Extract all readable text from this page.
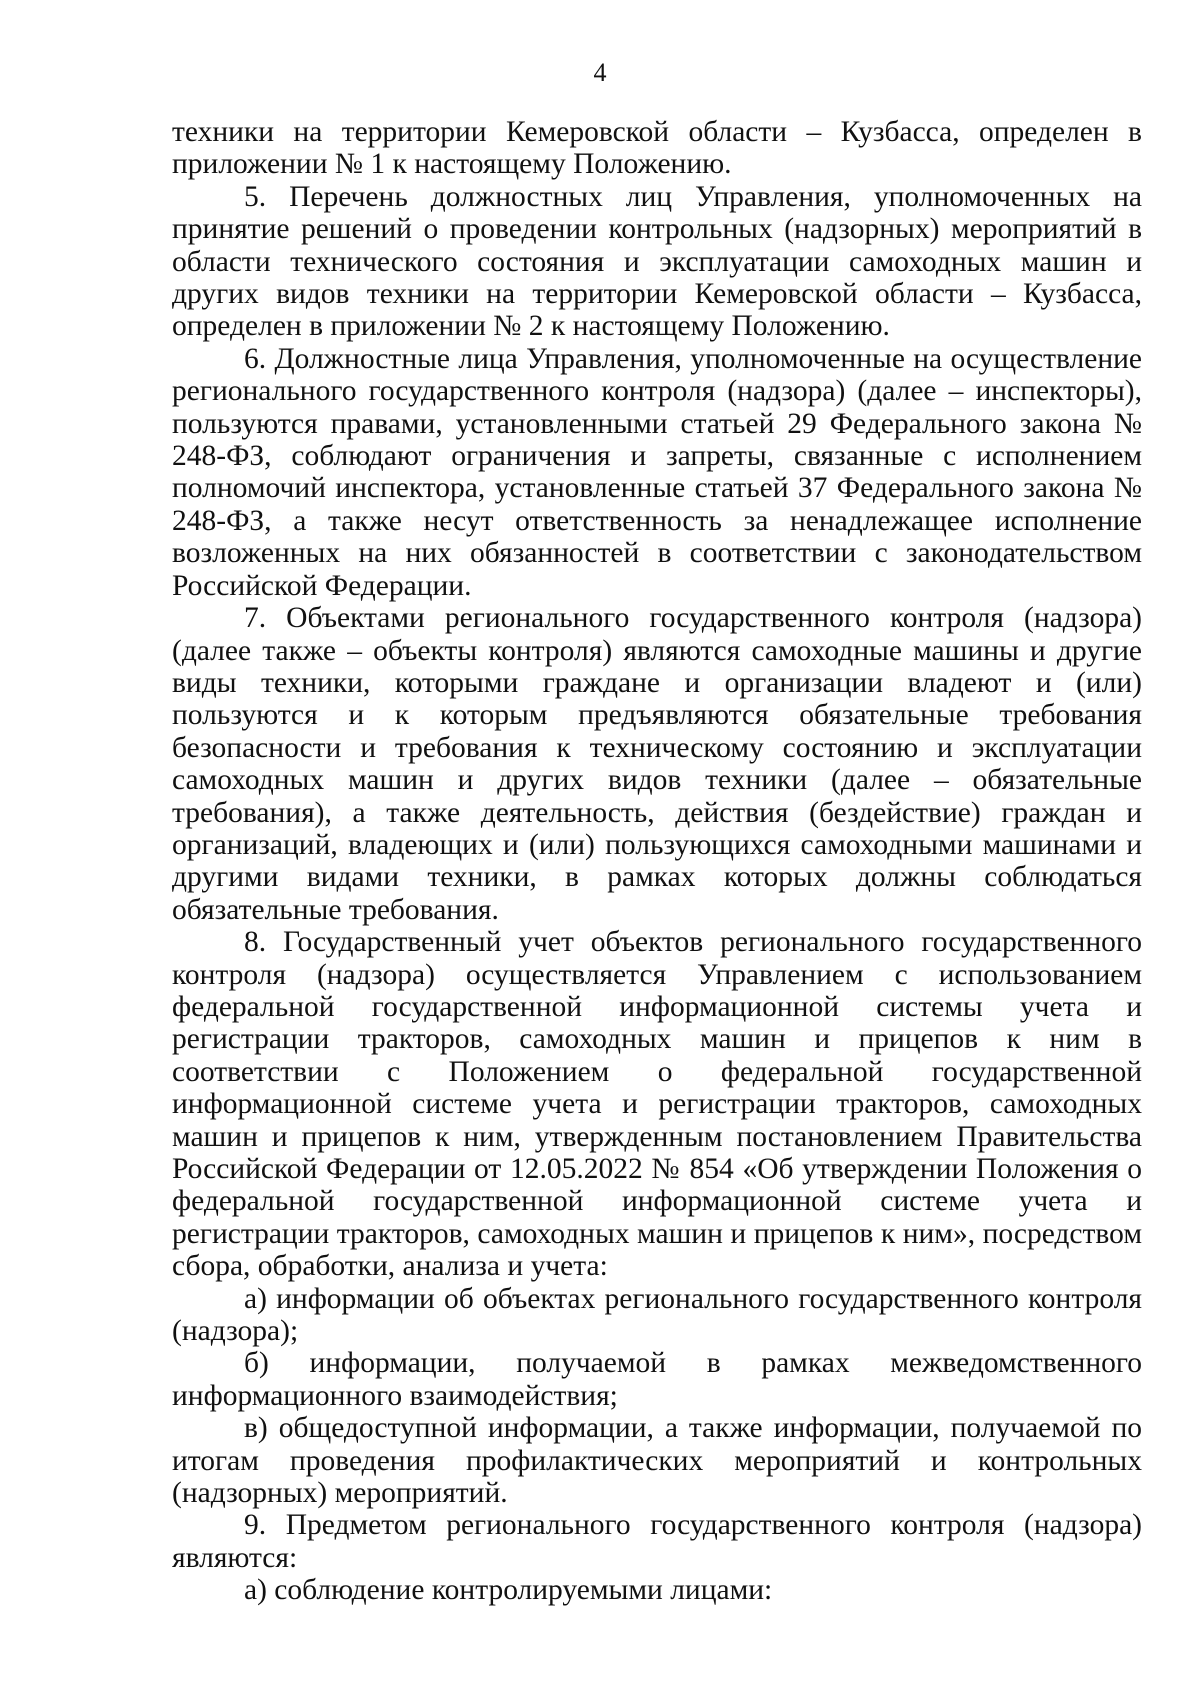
4

техники на территории Кемеровской области – Кузбасса, определен в приложении № 1 к настоящему Положению.

5. Перечень должностных лиц Управления, уполномоченных на принятие решений о проведении контрольных (надзорных) мероприятий в области технического состояния и эксплуатации самоходных машин и других видов техники на территории Кемеровской области – Кузбасса, определен в приложении № 2 к настоящему Положению.

6. Должностные лица Управления, уполномоченные на осуществление регионального государственного контроля (надзора) (далее – инспекторы), пользуются правами, установленными статьей 29 Федерального закона № 248-ФЗ, соблюдают ограничения и запреты, связанные с исполнением полномочий инспектора, установленные статьей 37 Федерального закона № 248-ФЗ, а также несут ответственность за ненадлежащее исполнение возложенных на них обязанностей в соответствии с законодательством Российской Федерации.

7. Объектами регионального государственного контроля (надзора) (далее также – объекты контроля) являются самоходные машины и другие виды техники, которыми граждане и организации владеют и (или) пользуются и к которым предъявляются обязательные требования безопасности и требования к техническому состоянию и эксплуатации самоходных машин и других видов техники (далее – обязательные требования), а также деятельность, действия (бездействие) граждан и организаций, владеющих и (или) пользующихся самоходными машинами и другими видами техники, в рамках которых должны соблюдаться обязательные требования.

8. Государственный учет объектов регионального государственного контроля (надзора) осуществляется Управлением с использованием федеральной государственной информационной системы учета и регистрации тракторов, самоходных машин и прицепов к ним в соответствии с Положением о федеральной государственной информационной системе учета и регистрации тракторов, самоходных машин и прицепов к ним, утвержденным постановлением Правительства Российской Федерации от 12.05.2022 № 854 «Об утверждении Положения о федеральной государственной информационной системе учета и регистрации тракторов, самоходных машин и прицепов к ним», посредством сбора, обработки, анализа и учета:

а) информации об объектах регионального государственного контроля (надзора);

б) информации, получаемой в рамках межведомственного информационного взаимодействия;

в) общедоступной информации, а также информации, получаемой по итогам проведения профилактических мероприятий и контрольных (надзорных) мероприятий.

9. Предметом регионального государственного контроля (надзора) являются:

а) соблюдение контролируемыми лицами:
